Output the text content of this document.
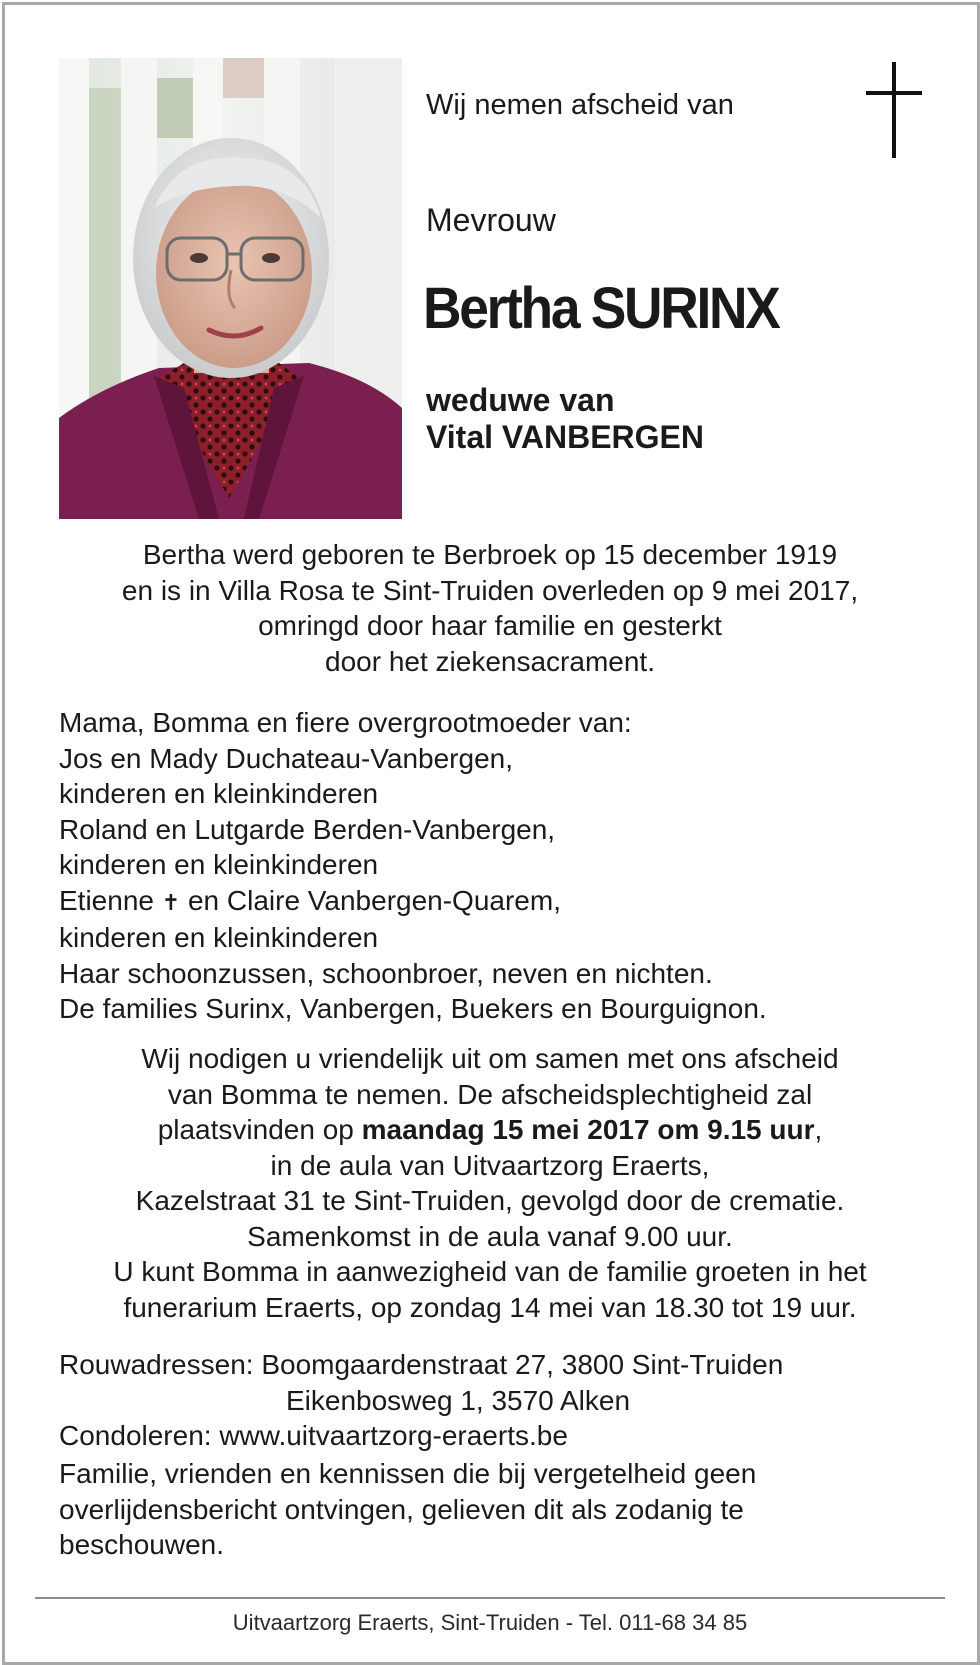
Wij nemen afscheid van
Mevrouw
Bertha SURINX
weduwe van
Vital VANBERGEN
Bertha werd geboren te Berbroek op 15 december 1919
en is in Villa Rosa te Sint-Truiden overleden op 9 mei 2017,
omringd door haar familie en gesterkt
door het ziekensacrament.
Mama, Bomma en fiere overgrootmoeder van:
Jos en Mady Duchateau-Vanbergen,
kinderen en kleinkinderen
Roland en Lutgarde Berden-Vanbergen,
kinderen en kleinkinderen
Etienne ✝ en Claire Vanbergen-Quarem,
kinderen en kleinkinderen
Haar schoonzussen, schoonbroer, neven en nichten.
De families Surinx, Vanbergen, Buekers en Bourguignon.
Wij nodigen u vriendelijk uit om samen met ons afscheid
van Bomma te nemen. De afscheidsplechtigheid zal
plaatsvinden op maandag 15 mei 2017 om 9.15 uur,
in de aula van Uitvaartzorg Eraerts,
Kazelstraat 31 te Sint-Truiden, gevolgd door de crematie.
Samenkomst in de aula vanaf 9.00 uur.
U kunt Bomma in aanwezigheid van de familie groeten in het
funerarium Eraerts, op zondag 14 mei van 18.30 tot 19 uur.
Rouwadressen: Boomgaardenstraat 27, 3800 Sint-Truiden
Eikenbosweg 1, 3570 Alken
Condoleren: www.uitvaartzorg-eraerts.be
Familie, vrienden en kennissen die bij vergetelheid geen
overlijdensbericht ontvingen, gelieven dit als zodanig te
beschouwen.
Uitvaartzorg Eraerts, Sint-Truiden - Tel. 011-68 34 85
